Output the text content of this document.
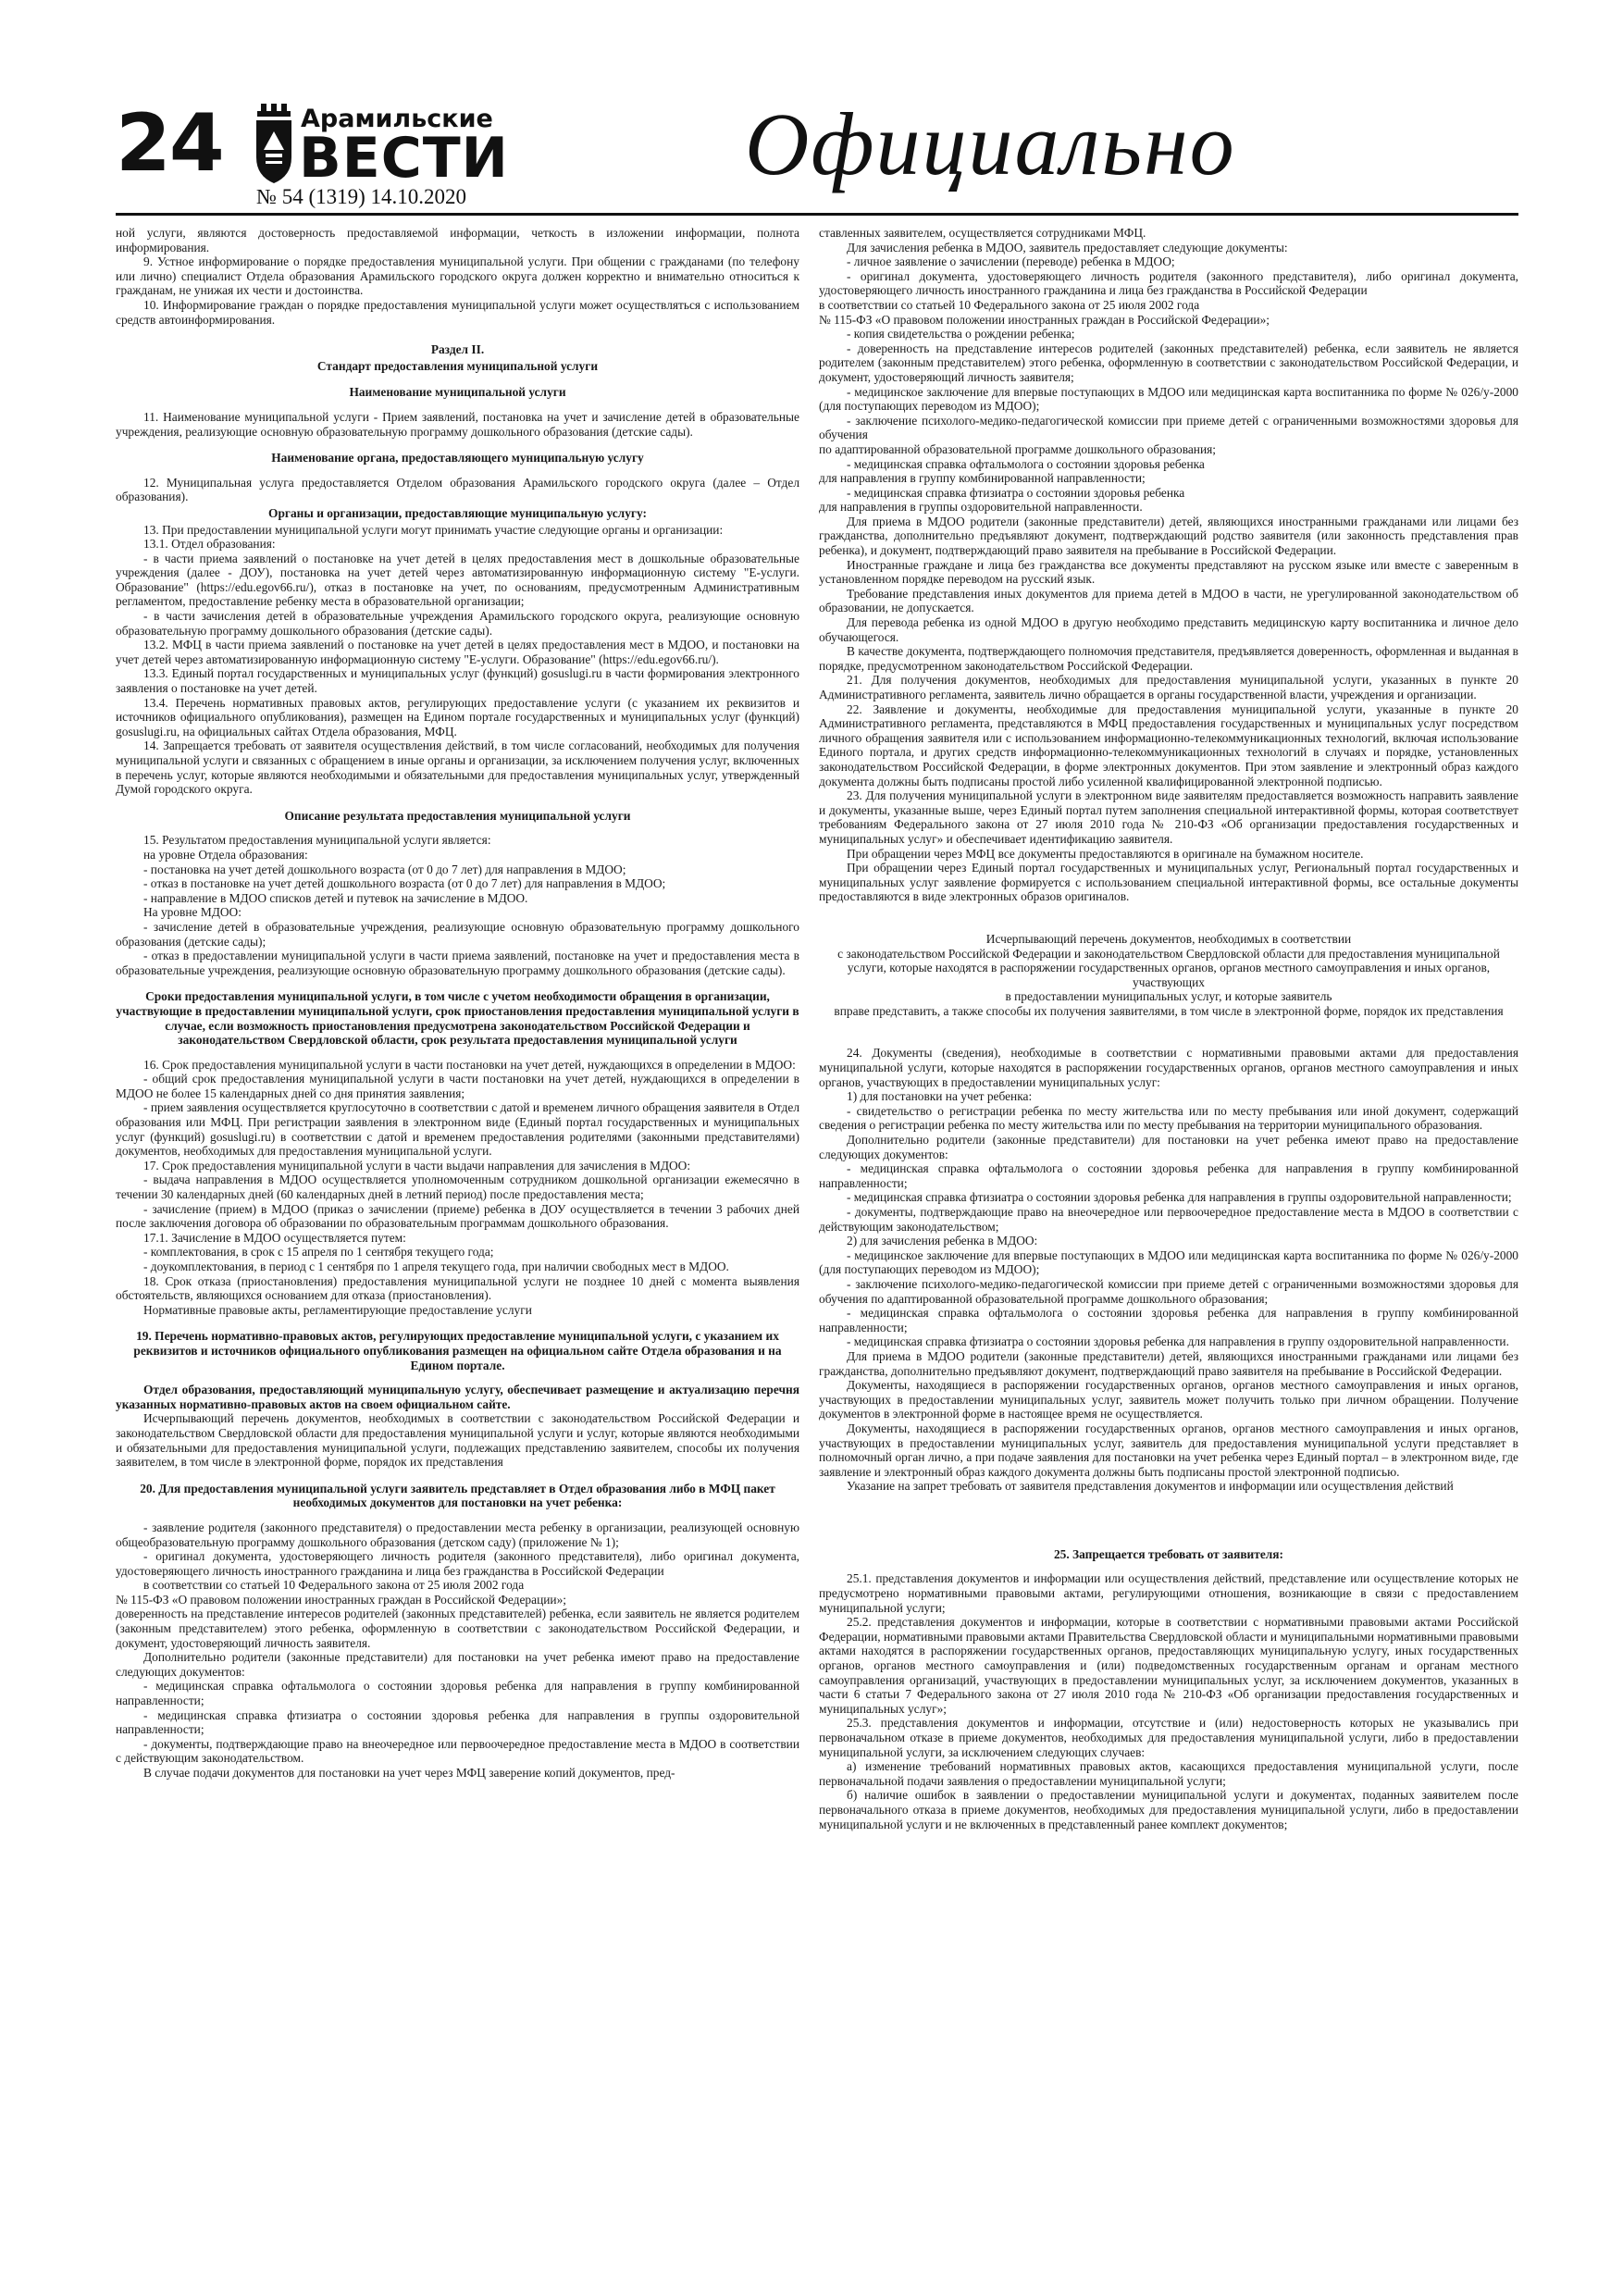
24	Арамильские
ВЕСТИ
№ 54 (1319) 14.10.2020
Официально

ной услуги, являются достоверность предоставляемой информации, четкость в изложении информации, полнота информирования.

9. Устное информирование о порядке предоставления муниципальной услуги. При общении с гражданами (по телефону или лично) специалист Отдела образования Арамильского городского округа должен корректно и внимательно относиться к гражданам, не унижая их чести и достоинства.

10. Информирование граждан о порядке предоставления муниципальной услуги может осуществляться с использованием средств автоинформирования.

Раздел II.

Стандарт предоставления муниципальной услуги

Наименование муниципальной услуги

11. Наименование муниципальной услуги - Прием заявлений, постановка на учет и зачисление детей в образовательные учреждения, реализующие основную образовательную программу дошкольного образования (детские сады).

Наименование органа, предоставляющего муниципальную услугу

12. Муниципальная услуга предоставляется Отделом образования Арамильского городского округа (далее – Отдел образования).

Органы и организации, предоставляющие муниципальную услугу:

13. При предоставлении муниципальной услуги могут принимать участие следующие органы и организации:

13.1. Отдел образования:

- в части приема заявлений о постановке на учет детей в целях предоставления мест в дошкольные образовательные учреждения (далее - ДОУ), постановка на учет детей через автоматизированную информационную систему "Е-услуги. Образование" (https://edu.egov66.ru/), отказ в постановке на учет, по основаниям, предусмотренным Административным регламентом, предоставление ребенку места в образовательной организации;

- в части зачисления детей в образовательные учреждения Арамильского городского округа, реализующие основную образовательную программу дошкольного образования (детские сады).

13.2. МФЦ в части приема заявлений о постановке на учет детей в целях предоставления мест в МДОО, и постановки на учет детей через автоматизированную информационную систему "Е-услуги. Образование" (https://edu.egov66.ru/).

13.3. Единый портал государственных и муниципальных услуг (функций) gosuslugi.ru в части формирования электронного заявления о постановке на учет детей.

13.4. Перечень нормативных правовых актов, регулирующих предоставление услуги (с указанием их реквизитов и источников официального опубликования), размещен на Едином портале государственных и муниципальных услуг (функций) gosuslugi.ru, на официальных сайтах Отдела образования, МФЦ.

14. Запрещается требовать от заявителя осуществления действий, в том числе согласований, необходимых для получения муниципальной услуги и связанных с обращением в иные органы и организации, за исключением получения услуг, включенных в перечень услуг, которые являются необходимыми и обязательными для предоставления муниципальных услуг, утвержденный Думой городского округа.

Описание результата предоставления муниципальной услуги

15. Результатом предоставления муниципальной услуги является:

на уровне Отдела образования:

- постановка на учет детей дошкольного возраста (от 0 до 7 лет) для направления в МДОО;

- отказ в постановке на учет детей дошкольного возраста (от 0 до 7 лет) для направления в МДОО;

- направление в МДОО списков детей и путевок на зачисление в МДОО.

На уровне МДОО:

- зачисление детей в образовательные учреждения, реализующие основную образовательную программу дошкольного образования (детские сады);

- отказ в предоставлении муниципальной услуги в части приема заявлений, постановке на учет и предоставления места в образовательные учреждения, реализующие основную образовательную программу дошкольного образования (детские сады).

Сроки предоставления муниципальной услуги, в том числе с учетом необходимости обращения в организации, участвующие в предоставлении муниципальной услуги, срок приостановления предоставления муниципальной услуги в случае, если возможность приостановления предусмотрена законодательством Российской Федерации и законодательством Свердловской области, срок результата предоставления муниципальной услуги

16. Срок предоставления муниципальной услуги в части постановки на учет детей, нуждающихся в определении в МДОО:

- общий срок предоставления муниципальной услуги в части постановки на учет детей, нуждающихся в определении в МДОО не более 15 календарных дней со дня принятия заявления;

- прием заявления осуществляется круглосуточно в соответствии с датой и временем личного обращения заявителя в Отдел образования или МФЦ. При регистрации заявления в электронном виде (Единый портал государственных и муниципальных услуг (функций) gosuslugi.ru) в соответствии с датой и временем предоставления родителями (законными представителями) документов, необходимых для предоставления муниципальной услуги.

17. Срок предоставления муниципальной услуги в части выдачи направления для зачисления в МДОО:

- выдача направления в МДОО осуществляется уполномоченным сотрудником дошкольной организации ежемесячно в течении 30 календарных дней (60 календарных дней в летний период) после предоставления места;

- зачисление (прием) в МДОО (приказ о зачислении (приеме) ребенка в ДОУ осуществляется в течении 3 рабочих дней после заключения договора об образовании по образовательным программам дошкольного образования.

17.1. Зачисление в МДОО осуществляется путем:

- комплектования, в срок с 15 апреля по 1 сентября текущего года;

- доукомплектования, в период с 1 сентября по 1 апреля текущего года, при наличии свободных мест в МДОО.

18. Срок отказа (приостановления) предоставления муниципальной услуги не позднее 10 дней с момента выявления обстоятельств, являющихся основанием для отказа (приостановления).

Нормативные правовые акты, регламентирующие предоставление услуги

19. Перечень нормативно-правовых актов, регулирующих предоставление муниципальной услуги, с указанием их реквизитов и источников официального опубликования размещен на официальном сайте Отдела образования и на Едином портале.

Отдел образования, предоставляющий муниципальную услугу, обеспечивает размещение и актуализацию перечня указанных нормативно-правовых актов на своем официальном сайте.

Исчерпывающий перечень документов, необходимых в соответствии с законодательством Российской Федерации и законодательством Свердловской области для предоставления муниципальной услуги и услуг, которые являются необходимыми и обязательными для предоставления муниципальной услуги, подлежащих представлению заявителем, способы их получения заявителем, в том числе в электронной форме, порядок их представления

20. Для предоставления муниципальной услуги заявитель представляет в Отдел образования либо в МФЦ пакет необходимых документов для постановки на учет ребенка:

- заявление родителя (законного представителя) о предоставлении места ребенку в организации, реализующей основную общеобразовательную программу дошкольного образования (детском саду) (приложение № 1);

- оригинал документа, удостоверяющего личность родителя (законного представителя), либо оригинал документа, удостоверяющего личность иностранного гражданина и лица без гражданства в Российской Федерации

в соответствии со статьей 10 Федерального закона от 25 июля 2002 года

№ 115-ФЗ «О правовом положении иностранных граждан в Российской Федерации»;

доверенность на представление интересов родителей (законных представителей) ребенка, если заявитель не является родителем (законным представителем) этого ребенка, оформленную в соответствии с законодательством Российской Федерации, и документ, удостоверяющий личность заявителя.

Дополнительно родители (законные представители) для постановки на учет ребенка имеют право на предоставление следующих документов:

- медицинская справка офтальмолога о состоянии здоровья ребенка для направления в группу комбинированной направленности;

- медицинская справка фтизиатра о состоянии здоровья ребенка для направления в группы оздоровительной направленности;

- документы, подтверждающие право на внеочередное или первоочередное предоставление места в МДОО в соответствии с действующим законодательством.

В случае подачи документов для постановки на учет через МФЦ заверение копий документов, пред-

ставленных заявителем, осуществляется сотрудниками МФЦ.

Для зачисления ребенка в МДОО, заявитель предоставляет следующие документы:

- личное заявление о зачислении (переводе) ребенка в МДОО;

- оригинал документа, удостоверяющего личность родителя (законного представителя), либо оригинал документа, удостоверяющего личность иностранного гражданина и лица без гражданства в Российской Федерации

в соответствии со статьей 10 Федерального закона от 25 июля 2002 года

№ 115-ФЗ «О правовом положении иностранных граждан в Российской Федерации»;

- копия свидетельства о рождении ребенка;

- доверенность на представление интересов родителей (законных представителей) ребенка, если заявитель не является родителем (законным представителем) этого ребенка, оформленную в соответствии с законодательством Российской Федерации, и документ, удостоверяющий личность заявителя;

- медицинское заключение для впервые поступающих в МДОО или медицинская карта воспитанника по форме № 026/у-2000 (для поступающих переводом из МДОО);

- заключение психолого-медико-педагогической комиссии при приеме детей с ограниченными возможностями здоровья для обучения

по адаптированной образовательной программе дошкольного образования;

- медицинская справка офтальмолога о состоянии здоровья ребенка

для направления в группу комбинированной направленности;

- медицинская справка фтизиатра о состоянии здоровья ребенка

для направления в группы оздоровительной направленности.

Для приема в МДОО родители (законные представители) детей, являющихся иностранными гражданами или лицами без гражданства, дополнительно предъявляют документ, подтверждающий родство заявителя (или законность представления прав ребенка), и документ, подтверждающий право заявителя на пребывание в Российской Федерации.

Иностранные граждане и лица без гражданства все документы представляют на русском языке или вместе с заверенным в установленном порядке переводом на русский язык.

Требование представления иных документов для приема детей в МДОО в части, не урегулированной законодательством об образовании, не допускается.

Для перевода ребенка из одной МДОО в другую необходимо представить медицинскую карту воспитанника и личное дело обучающегося.

В качестве документа, подтверждающего полномочия представителя, предъявляется доверенность, оформленная и выданная в порядке, предусмотренном законодательством Российской Федерации.

21. Для получения документов, необходимых для предоставления муниципальной услуги, указанных в пункте 20 Административного регламента, заявитель лично обращается в органы государственной власти, учреждения и организации.

22. Заявление и документы, необходимые для предоставления муниципальной услуги, указанные в пункте 20 Административного регламента, представляются в МФЦ предоставления государственных и муниципальных услуг посредством личного обращения заявителя или с использованием информационно-телекоммуникационных технологий, включая использование Единого портала, и других средств информационно-телекоммуникационных технологий в случаях и порядке, установленных законодательством Российской Федерации, в форме электронных документов. При этом заявление и электронный образ каждого документа должны быть подписаны простой либо усиленной квалифицированной электронной подписью.

23. Для получения муниципальной услуги в электронном виде заявителям предоставляется возможность направить заявление и документы, указанные выше, через Единый портал путем заполнения специальной интерактивной формы, которая соответствует требованиям Федерального закона от 27 июля 2010 года № 210-ФЗ «Об организации предоставления государственных и муниципальных услуг» и обеспечивает идентификацию заявителя.

При обращении через МФЦ все документы предоставляются в оригинале на бумажном носителе.

При обращении через Единый портал государственных и муниципальных услуг, Региональный портал государственных и муниципальных услуг заявление формируется с использованием специальной интерактивной формы, все остальные документы предоставляются в виде электронных образов оригиналов.

Исчерпывающий перечень документов, необходимых в соответствии

с законодательством Российской Федерации и законодательством Свердловской области для предоставления муниципальной услуги, которые находятся в распоряжении государственных органов, органов местного самоуправления и иных органов, участвующих

в предоставлении муниципальных услуг, и которые заявитель

вправе представить, а также способы их получения заявителями, в том числе в электронной форме, порядок их представления

24. Документы (сведения), необходимые в соответствии с нормативными правовыми актами для предоставления муниципальной услуги, которые находятся в распоряжении государственных органов, органов местного самоуправления и иных органов, участвующих в предоставлении муниципальных услуг:

1) для постановки на учет ребенка:

- свидетельство о регистрации ребенка по месту жительства или по месту пребывания или иной документ, содержащий сведения о регистрации ребенка по месту жительства или по месту пребывания на территории муниципального образования.

Дополнительно родители (законные представители) для постановки на учет ребенка имеют право на предоставление следующих документов:

- медицинская справка офтальмолога о состоянии здоровья ребенка для направления в группу комбинированной направленности;

- медицинская справка фтизиатра о состоянии здоровья ребенка для направления в группы оздоровительной направленности;

- документы, подтверждающие право на внеочередное или первоочередное предоставление места в МДОО в соответствии с действующим законодательством;

2) для зачисления ребенка в МДОО:

- медицинское заключение для впервые поступающих в МДОО или медицинская карта воспитанника по форме № 026/у-2000 (для поступающих переводом из МДОО);

- заключение психолого-медико-педагогической комиссии при приеме детей с ограниченными возможностями здоровья для обучения по адаптированной образовательной программе дошкольного образования;

- медицинская справка офтальмолога о состоянии здоровья ребенка для направления в группу комбинированной направленности;

- медицинская справка фтизиатра о состоянии здоровья ребенка для направления в группу оздоровительной направленности.

Для приема в МДОО родители (законные представители) детей, являющихся иностранными гражданами или лицами без гражданства, дополнительно предъявляют документ, подтверждающий право заявителя на пребывание в Российской Федерации.

Документы, находящиеся в распоряжении государственных органов, органов местного самоуправления и иных органов, участвующих в предоставлении муниципальных услуг, заявитель может получить только при личном обращении. Получение документов в электронной форме в настоящее время не осуществляется.

Документы, находящиеся в распоряжении государственных органов, органов местного самоуправления и иных органов, участвующих в предоставлении муниципальных услуг, заявитель для предоставления муниципальной услуги представляет в полномочный орган лично, а при подаче заявления для постановки на учет ребенка через Единый портал – в электронном виде, где заявление и электронный образ каждого документа должны быть подписаны простой электронной подписью.

Указание на запрет требовать от заявителя представления документов и информации или осуществления действий

25. Запрещается требовать от заявителя:

25.1. представления документов и информации или осуществления действий, представление или осуществление которых не предусмотрено нормативными правовыми актами, регулирующими отношения, возникающие в связи с предоставлением муниципальной услуги;

25.2. представления документов и информации, которые в соответствии с нормативными правовыми актами Российской Федерации, нормативными правовыми актами Правительства Свердловской области и муниципальными нормативными правовыми актами находятся в распоряжении государственных органов, предоставляющих муниципальную услугу, иных государственных органов, органов местного самоуправления и (или) подведомственных государственным органам и органам местного самоуправления организаций, участвующих в предоставлении муниципальных услуг, за исключением документов, указанных в части 6 статьи 7 Федерального закона от 27 июля 2010 года № 210-ФЗ «Об организации предоставления государственных и муниципальных услуг»;

25.3. представления документов и информации, отсутствие и (или) недостоверность которых не указывались при первоначальном отказе в приеме документов, необходимых для предоставления муниципальной услуги, либо в предоставлении муниципальной услуги, за исключением следующих случаев:

а) изменение требований нормативных правовых актов, касающихся предоставления муниципальной услуги, после первоначальной подачи заявления о предоставлении муниципальной услуги;

б) наличие ошибок в заявлении о предоставлении муниципальной услуги и документах, поданных заявителем после первоначального отказа в приеме документов, необходимых для предоставления муниципальной услуги, либо в предоставлении муниципальной услуги и не включенных в представленный ранее комплект документов;
